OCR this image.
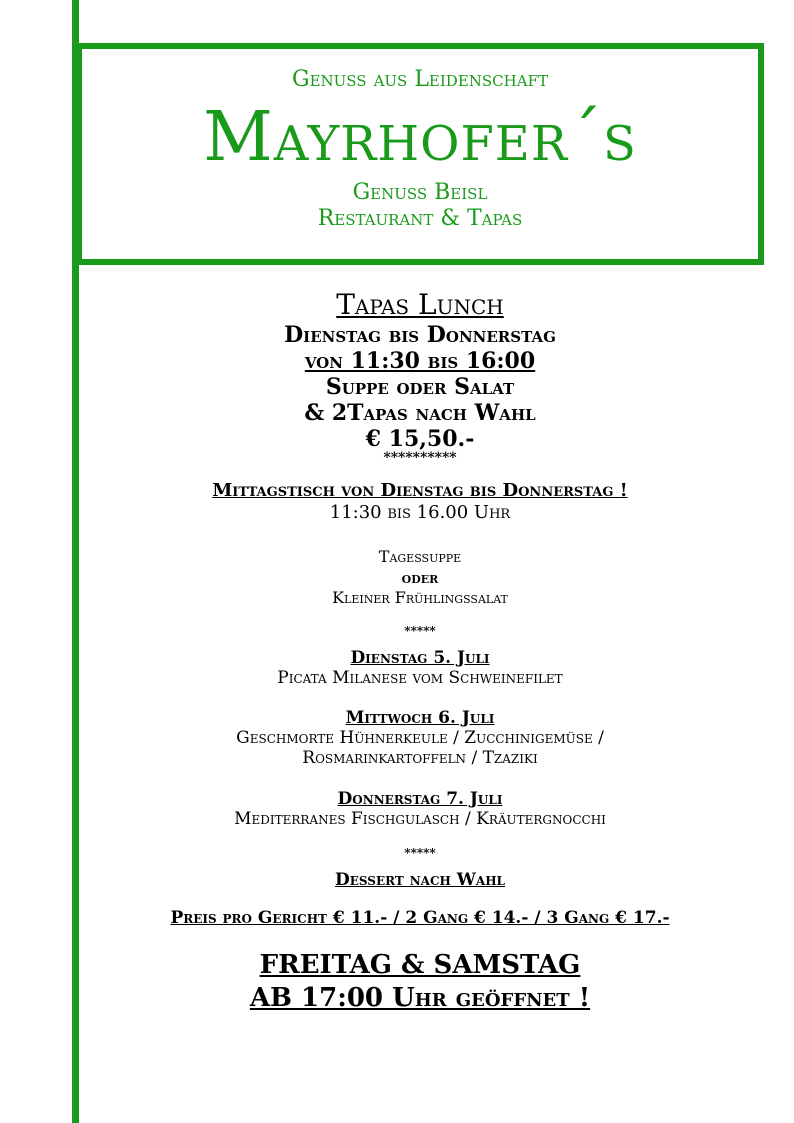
Genuss aus Leidenschaft
Mayrhofer´s
Genuss Beisl
Restaurant & Tapas
Tapas Lunch
Dienstag bis Donnerstag
von 11:30 bis 16:00
Suppe oder Salat
& 2Tapas nach Wahl
€ 15,50.-
**********
Mittagstisch von Dienstag bis Donnerstag !
11:30 bis 16.00 Uhr
Tagessuppe
oder
Kleiner Frühlingssalat
*****
Dienstag 5. Juli
Picata Milanese vom Schweinefilet
Mittwoch 6. Juli
Geschmorte Hühnerkeule / Zucchinigemüse /
Rosmarinkartoffeln / Tzaziki
Donnerstag 7. Juli
Mediterranes Fischgulasch / Kräutergnocchi
*****
Dessert nach Wahl
Preis pro Gericht € 11.- / 2 Gang € 14.- / 3 Gang € 17.-
FREITAG & SAMSTAG
AB 17:00 Uhr geöffnet !
